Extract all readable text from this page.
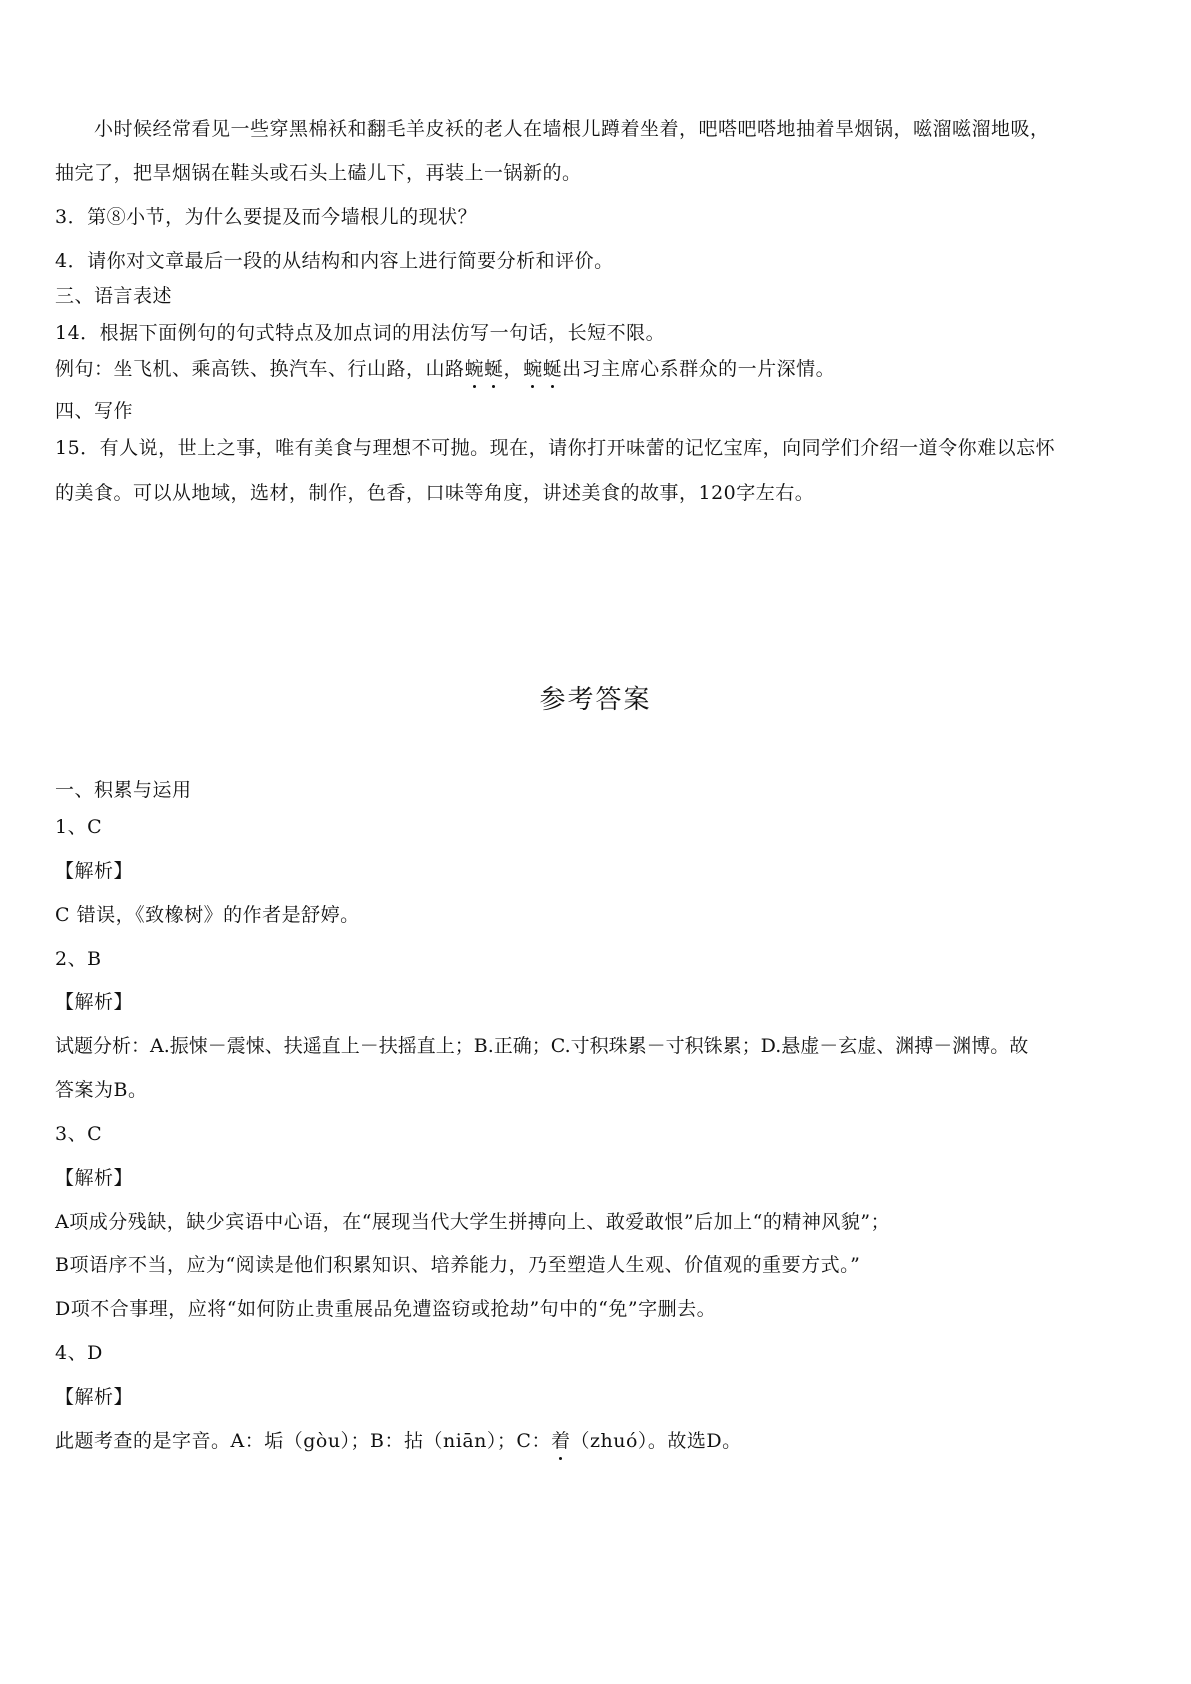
小时候经常看见一些穿黑棉袄和翻毛羊皮袄的老人在墙根儿蹲着坐着，吧嗒吧嗒地抽着旱烟锅，嗞溜嗞溜地吸，
抽完了，把旱烟锅在鞋头或石头上磕儿下，再装上一锅新的。
3．第⑧小节，为什么要提及而今墙根儿的现状？
4．请你对文章最后一段的从结构和内容上进行简要分析和评价。
三、语言表述
14．根据下面例句的句式特点及加点词的用法仿写一句话，长短不限。
例句：坐飞机、乘高铁、换汽车、行山路，山路蜿蜒，蜿蜒出习主席心系群众的一片深情。
四、写作
15．有人说，世上之事，唯有美食与理想不可抛。现在，请你打开味蕾的记忆宝库，向同学们介绍一道令你难以忘怀
的美食。可以从地域，选材，制作，色香，口味等角度，讲述美食的故事，120字左右。
参考答案
一、积累与运用
1、C
【解析】
C 错误，《致橡树》的作者是舒婷。
2、B
【解析】
试题分析：A.振悚－震悚、扶遥直上－扶摇直上；B.正确；C.寸积珠累－寸积铢累；D.悬虚－玄虚、渊搏－渊博。故
答案为B。
3、C
【解析】
A项成分残缺，缺少宾语中心语，在“展现当代大学生拼搏向上、敢爱敢恨”后加上“的精神风貌”；
B项语序不当，应为“阅读是他们积累知识、培养能力，乃至塑造人生观、价值观的重要方式。”
D项不合事理，应将“如何防止贵重展品免遭盗窃或抢劫”句中的“免”字删去。
4、D
【解析】
此题考查的是字音。A：垢（gòu）；B：拈（niān）；C：着（zhuó）。故选D。
